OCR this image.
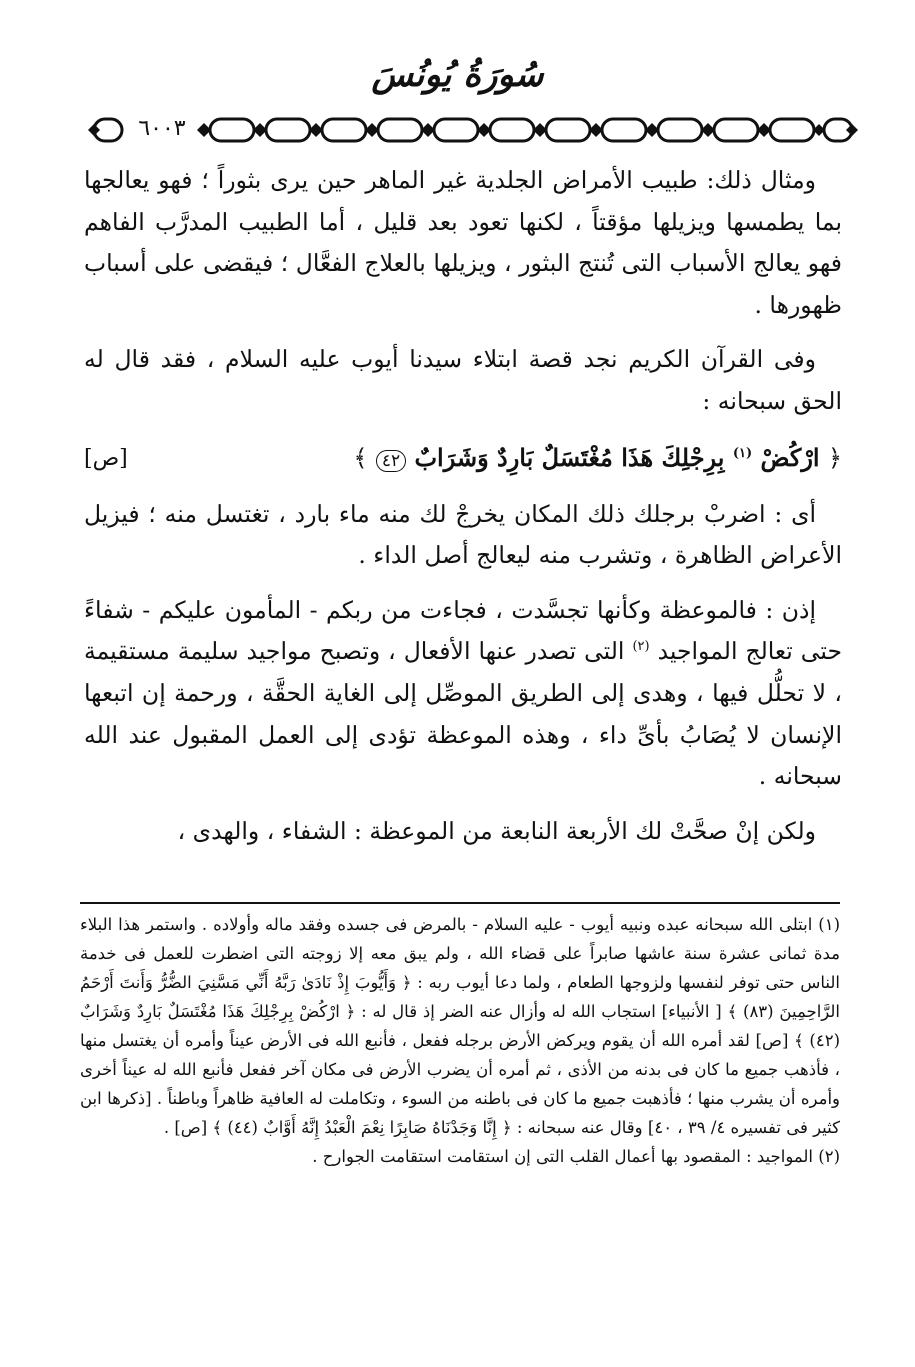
سُورَةُ يُونُسَ
٦٠٠٣

ومثال ذلك: طبيب الأمراض الجلدية غير الماهر حين يرى بثوراً ؛ فهو يعالجها بما يطمسها ويزيلها مؤقتاً ، لكنها تعود بعد قليل ، أما الطبيب المدرَّب الفاهم فهو يعالج الأسباب التى تُنتج البثور ، ويزيلها بالعلاج الفعَّال ؛ فيقضى على أسباب ظهورها .

وفى القرآن الكريم نجد قصة ابتلاء سيدنا أيوب عليه السلام ، فقد قال له الحق سبحانه :

﴿ ارْكُضْ $^{(١)}$ بِرِجْلِكَ هَذَا مُغْتَسَلٌ بَارِدٌ وَشَرَابٌ ٤٢ ﴾
[ص]

أى : اضربْ برجلك ذلك المكان يخرجْ لك منه ماء بارد ، تغتسل منه ؛ فيزيل الأعراض الظاهرة ، وتشرب منه ليعالج أصل الداء .

إذن : فالموعظة وكأنها تجسَّدت ، فجاءت من ربكم - المأمون عليكم - شفاءً حتى تعالج المواجيد $^{(٢)}$ التى تصدر عنها الأفعال ، وتصبح مواجيد سليمة مستقيمة ، لا تحلُّل فيها ، وهدى إلى الطريق الموصِّل إلى الغاية الحقَّة ، ورحمة إن اتبعها الإنسان لا يُصَابُ بأىِّ داء ، وهذه الموعظة تؤدى إلى العمل المقبول عند الله سبحانه .

ولكن إنْ صحَّتْ لك الأربعة النابعة من الموعظة : الشفاء ، والهدى ،

(١) ابتلى الله سبحانه عبده ونبيه أيوب - عليه السلام - بالمرض فى جسده وفقد ماله وأولاده . واستمر هذا البلاء مدة ثمانى عشرة سنة عاشها صابراً على قضاء الله ، ولم يبق معه إلا زوجته التى اضطرت للعمل فى خدمة الناس حتى توفر لنفسها ولزوجها الطعام ، ولما دعا أيوب ربه : ﴿ وَأَيُّوبَ إِذْ نَادَىٰ رَبَّهُ أَنِّي مَسَّنِيَ الضُّرُّ وَأَنتَ أَرْحَمُ الرَّاحِمِينَ (٨٣) ﴾ [ الأنبياء] استجاب الله له وأزال عنه الضر إذ قال له : ﴿ ارْكُضْ بِرِجْلِكَ هَذَا مُغْتَسَلٌ بَارِدٌ وَشَرَابٌ (٤٢) ﴾ [ص] لقد أمره الله أن يقوم ويركض الأرض برجله ففعل ، فأنبع الله فى الأرض عيناً وأمره أن يغتسل منها ، فأذهب جميع ما كان فى بدنه من الأذى ، ثم أمره أن يضرب الأرض فى مكان آخر ففعل فأنبع الله له عيناً أخرى وأمره أن يشرب منها ؛ فأذهبت جميع ما كان فى باطنه من السوء ، وتكاملت له العافية ظاهراً وباطناً . [ذكرها ابن كثير فى تفسيره ٤/ ٣٩ ، ٤٠] وقال عنه سبحانه : ﴿ إِنَّا وَجَدْنَاهُ صَابِرًا نِعْمَ الْعَبْدُ إِنَّهُ أَوَّابٌ (٤٤) ﴾ [ص] .

(٢) المواجيد : المقصود بها أعمال القلب التى إن استقامت استقامت الجوارح .
